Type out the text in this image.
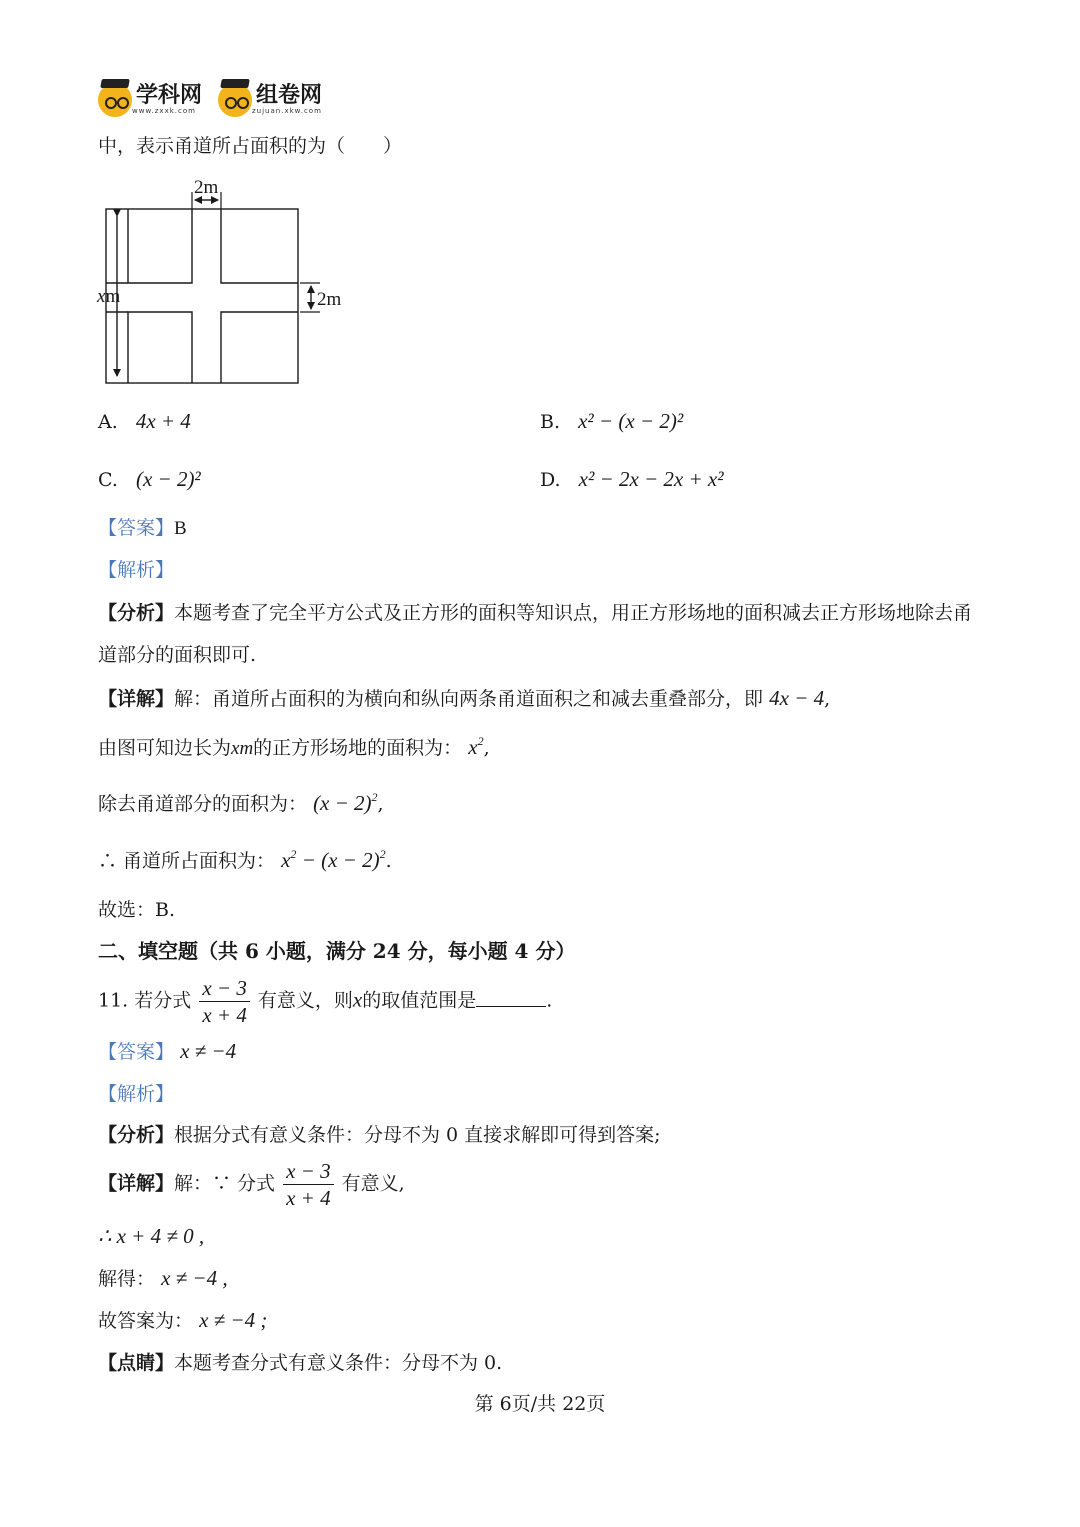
学科网
www.zxxk.com
组卷网
zujuan.xkw.com
中，表示甬道所占面积的为（　　）
2m
2m
xm
A. 4x + 4	B. x² − (x − 2)²
C. (x − 2)²	D. x² − 2x − 2x + x²
【答案】B
【解析】
【分析】本题考查了完全平方公式及正方形的面积等知识点，用正方形场地的面积减去正方形场地除去甬
道部分的面积即可.
【详解】解：甬道所占面积的为横向和纵向两条甬道面积之和减去重叠部分，即 4x − 4,
由图可知边长为xm的正方形场地的面积为： $x^2$,
除去甬道部分的面积为： $(x - 2)^2$,
∴ 甬道所占面积为： $x^2 - (x - 2)^2$.
故选：B.
二、填空题（共 6 小题，满分 24 分，每小题 4 分）
11. 若分式 $\frac{x - 3}{x + 4}$ 有意义，则x的取值范围是	.
【答案】 x ≠ −4
【解析】
【分析】根据分式有意义条件：分母不为 0 直接求解即可得到答案;
【详解】解：∵ 分式 $\frac{x - 3}{x + 4}$ 有意义,
∴ x + 4 ≠ 0 ,
解得： x ≠ −4 ,
故答案为： x ≠ −4 ;
【点睛】本题考查分式有意义条件：分母不为 0.
第 6页/共 22页
